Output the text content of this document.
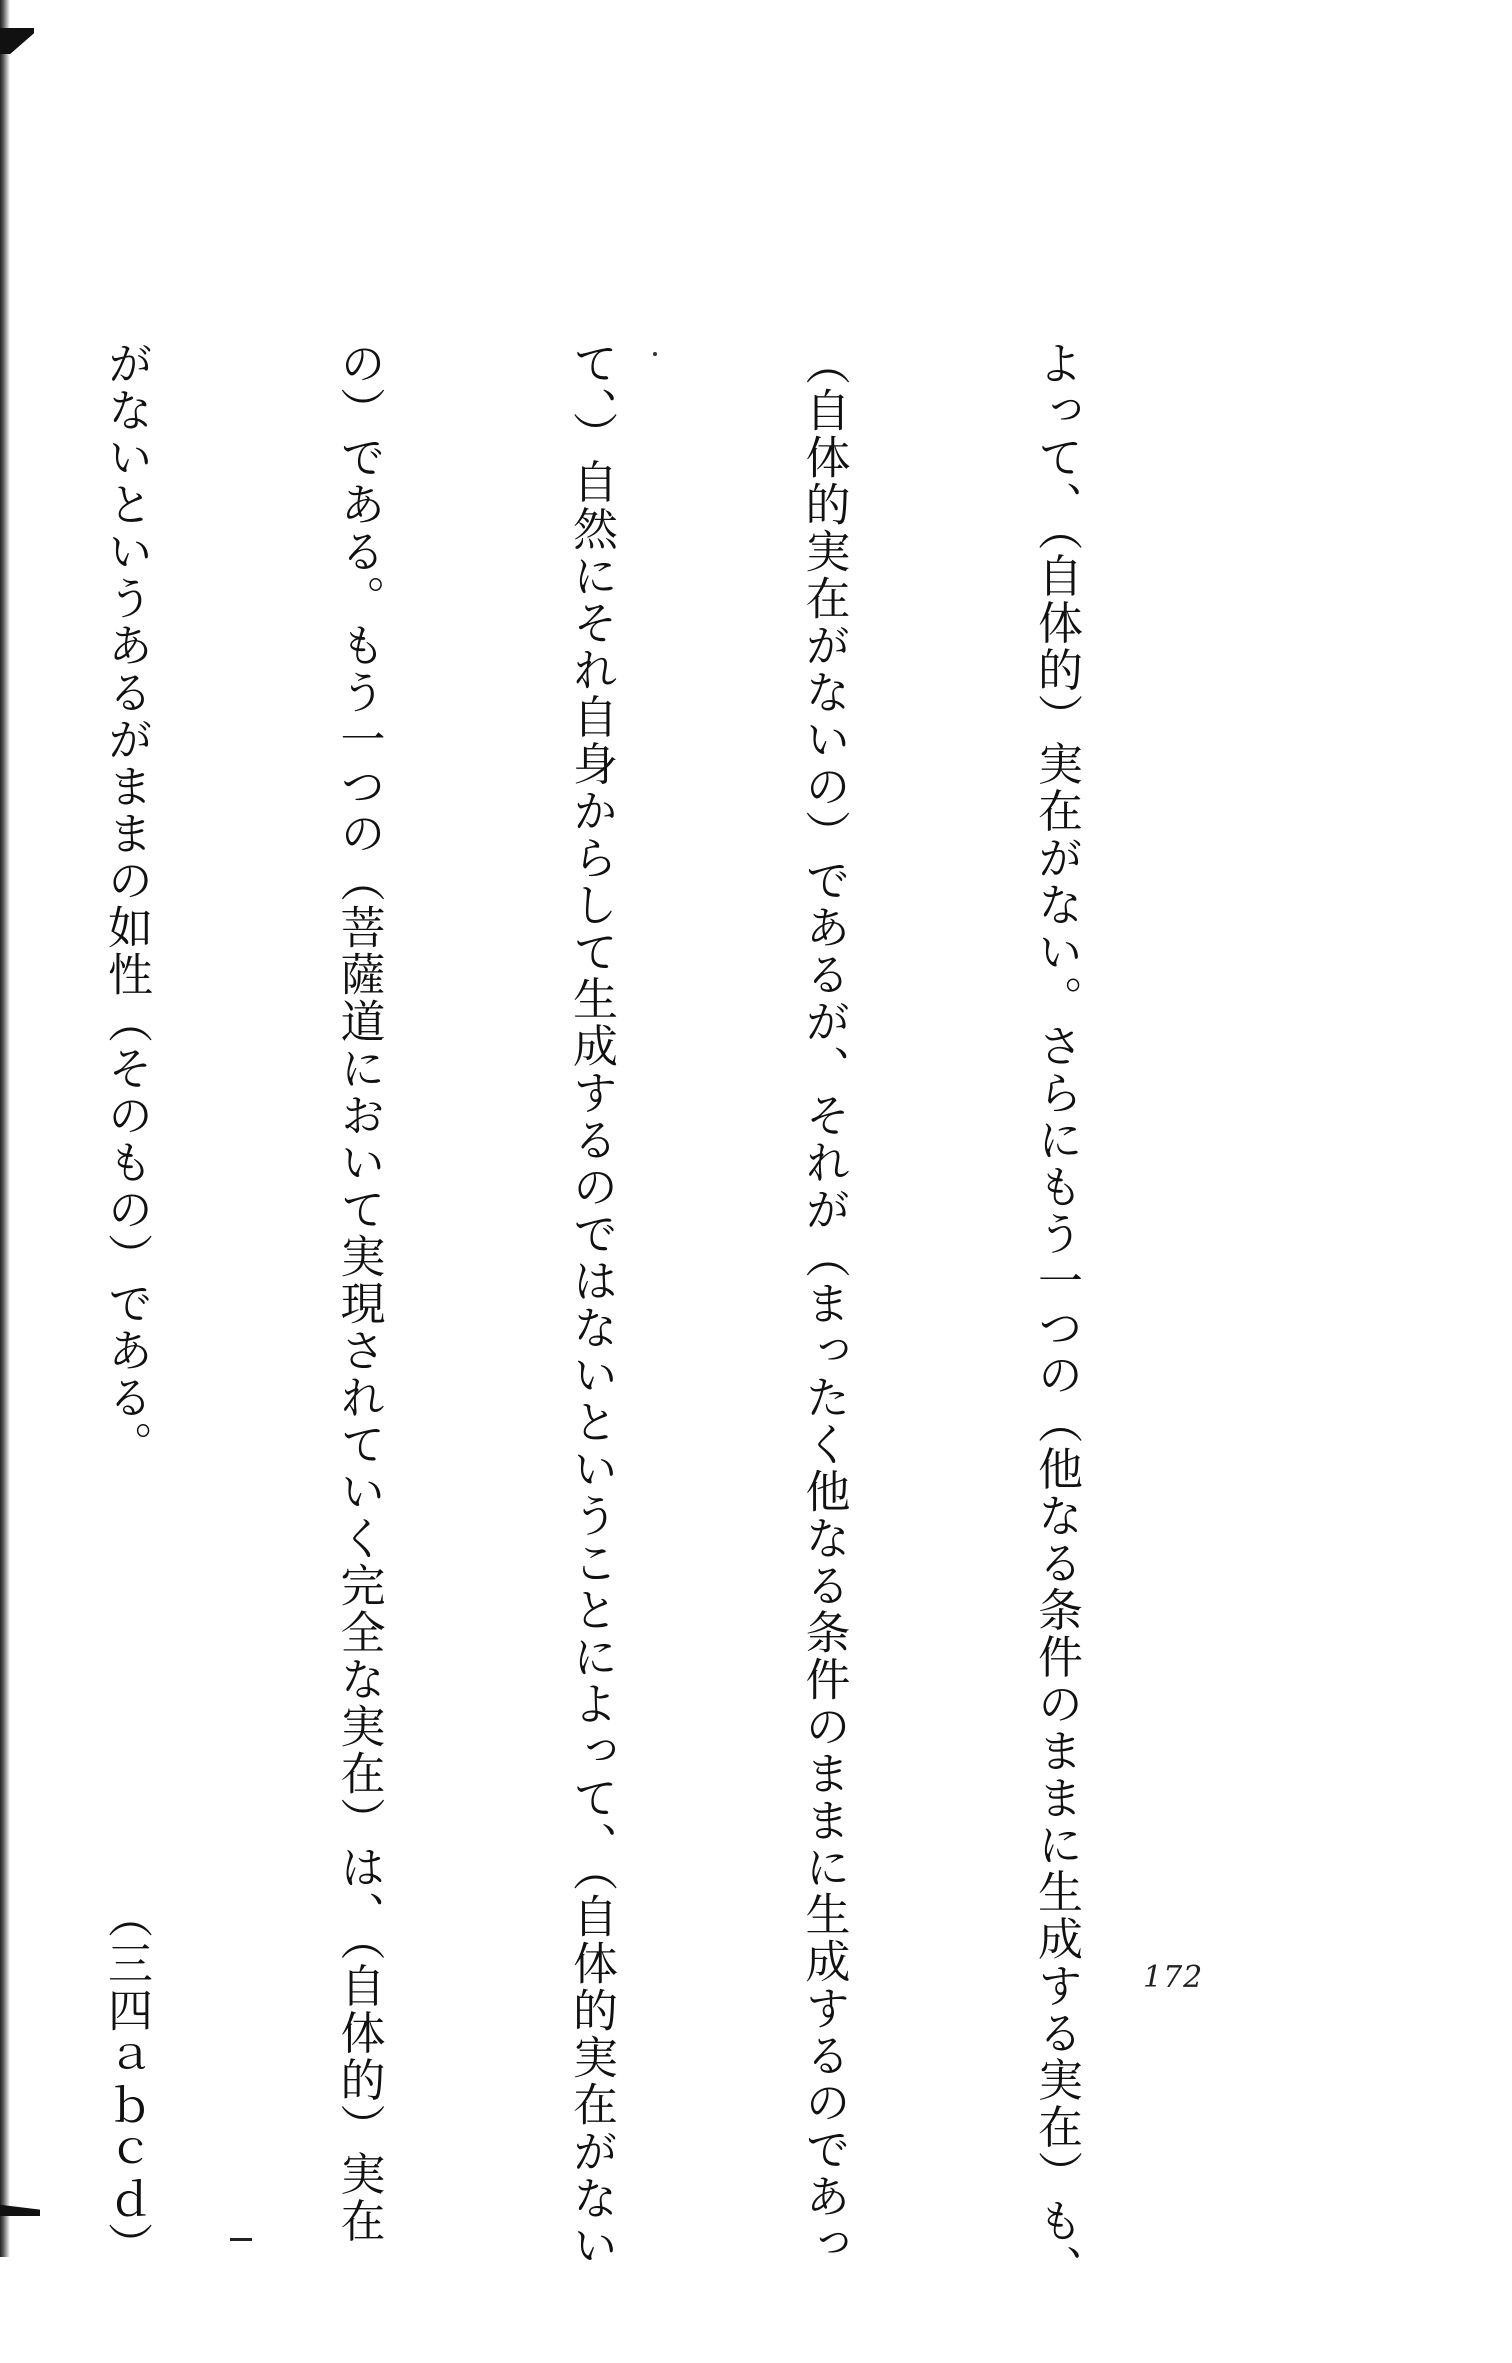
よって、（自体的）実在がない。さらにもう一つの（他なる条件のままに生成する実在）も、

（自体的実在がないの）であるが、それが（まったく他なる条件のままに生成するのであっ

て、）自然にそれ自身からして生成するのではないということによって、（自体的実在がない

の）である。もう一つの（菩薩道において実現されていく完全な実在）は、（自体的）実在

がないというあるがままの如性（そのもの）である。　　　　　　　　　　（三四ａｂｃｄ）

	172
